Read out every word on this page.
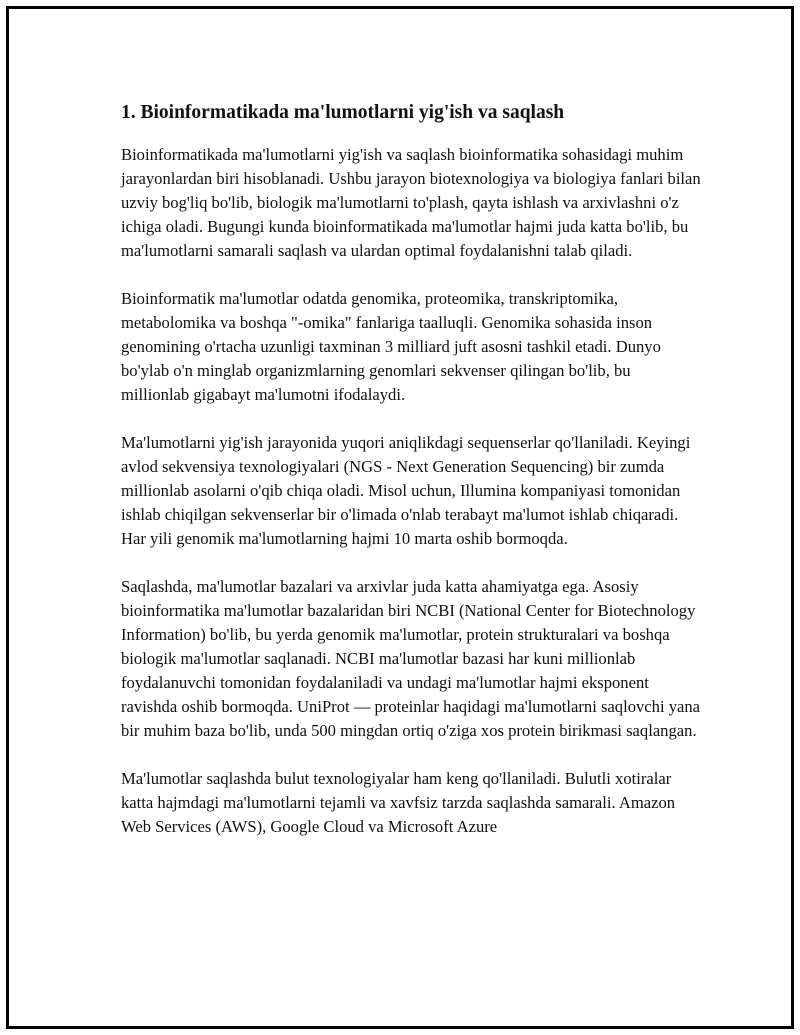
1. Bioinformatikada ma'lumotlarni yig'ish va saqlash

Bioinformatikada ma'lumotlarni yig'ish va saqlash bioinformatika sohasidagi muhim jarayonlardan biri hisoblanadi. Ushbu jarayon biotexnologiya va biologiya fanlari bilan uzviy bog'liq bo'lib, biologik ma'lumotlarni to'plash, qayta ishlash va arxivlashni o'z ichiga oladi. Bugungi kunda bioinformatikada ma'lumotlar hajmi juda katta bo'lib, bu ma'lumotlarni samarali saqlash va ulardan optimal foydalanishni talab qiladi.

Bioinformatik ma'lumotlar odatda genomika, proteomika, transkriptomika, metabolomika va boshqa "-omika" fanlariga taalluqli. Genomika sohasida inson genomining o'rtacha uzunligi taxminan 3 milliard juft asosni tashkil etadi. Dunyo bo'ylab o'n minglab organizmlarning genomlari sekvenser qilingan bo'lib, bu millionlab gigabayt ma'lumotni ifodalaydi.

Ma'lumotlarni yig'ish jarayonida yuqori aniqlikdagi sequenserlar qo'llaniladi. Keyingi avlod sekvensiya texnologiyalari (NGS - Next Generation Sequencing) bir zumda millionlab asolarni o'qib chiqa oladi. Misol uchun, Illumina kompaniyasi tomonidan ishlab chiqilgan sekvenserlar bir o'limada o'nlab terabayt ma'lumot ishlab chiqaradi. Har yili genomik ma'lumotlarning hajmi 10 marta oshib bormoqda.

Saqlashda, ma'lumotlar bazalari va arxivlar juda katta ahamiyatga ega. Asosiy bioinformatika ma'lumotlar bazalaridan biri NCBI (National Center for Biotechnology Information) bo'lib, bu yerda genomik ma'lumotlar, protein strukturalari va boshqa biologik ma'lumotlar saqlanadi. NCBI ma'lumotlar bazasi har kuni millionlab foydalanuvchi tomonidan foydalaniladi va undagi ma'lumotlar hajmi eksponent ravishda oshib bormoqda. UniProt — proteinlar haqidagi ma'lumotlarni saqlovchi yana bir muhim baza bo'lib, unda 500 mingdan ortiq o'ziga xos protein birikmasi saqlangan.

Ma'lumotlar saqlashda bulut texnologiyalar ham keng qo'llaniladi. Bulutli xotiralar katta hajmdagi ma'lumotlarni tejamli va xavfsiz tarzda saqlashda samarali. Amazon Web Services (AWS), Google Cloud va Microsoft Azure
